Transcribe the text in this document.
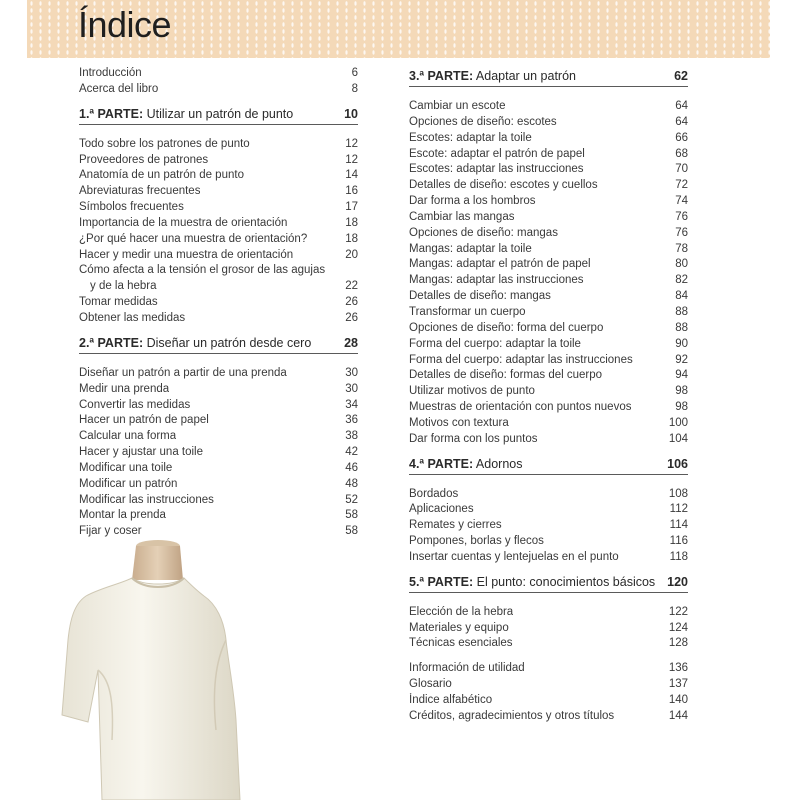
Índice
Introducción	6
Acerca del libro	8
1.ª PARTE: Utilizar un patrón de punto	10
Todo sobre los patrones de punto	12
Proveedores de patrones	12
Anatomía de un patrón de punto	14
Abreviaturas frecuentes	16
Símbolos frecuentes	17
Importancia de la muestra de orientación	18
¿Por qué hacer una muestra de orientación?	18
Hacer y medir una muestra de orientación	20
Cómo afecta a la tensión el grosor de las agujas
y de la hebra	22
Tomar medidas	26
Obtener las medidas	26
2.ª PARTE: Diseñar un patrón desde cero	28
Diseñar un patrón a partir de una prenda	30
Medir una prenda	30
Convertir las medidas	34
Hacer un patrón de papel	36
Calcular una forma	38
Hacer y ajustar una toile	42
Modificar una toile	46
Modificar un patrón	48
Modificar las instrucciones	52
Montar la prenda	58
Fijar y coser	58
3.ª PARTE: Adaptar un patrón	62
Cambiar un escote	64
Opciones de diseño: escotes	64
Escotes: adaptar la toile	66
Escote: adaptar el patrón de papel	68
Escotes: adaptar las instrucciones	70
Detalles de diseño: escotes y cuellos	72
Dar forma a los hombros	74
Cambiar las mangas	76
Opciones de diseño: mangas	76
Mangas: adaptar la toile	78
Mangas: adaptar el patrón de papel	80
Mangas: adaptar las instrucciones	82
Detalles de diseño: mangas	84
Transformar un cuerpo	88
Opciones de diseño: forma del cuerpo	88
Forma del cuerpo: adaptar la toile	90
Forma del cuerpo: adaptar las instrucciones	92
Detalles de diseño: formas del cuerpo	94
Utilizar motivos de punto	98
Muestras de orientación con puntos nuevos	98
Motivos con textura	100
Dar forma con los puntos	104
4.ª PARTE: Adornos	106
Bordados	108
Aplicaciones	112
Remates y cierres	114
Pompones, borlas y flecos	116
Insertar cuentas y lentejuelas en el punto	118
5.ª PARTE: El punto: conocimientos básicos 120
Elección de la hebra	122
Materiales y equipo	124
Técnicas esenciales	128
Información de utilidad	136
Glosario	137
Índice alfabético	140
Créditos, agradecimientos y otros títulos	144
